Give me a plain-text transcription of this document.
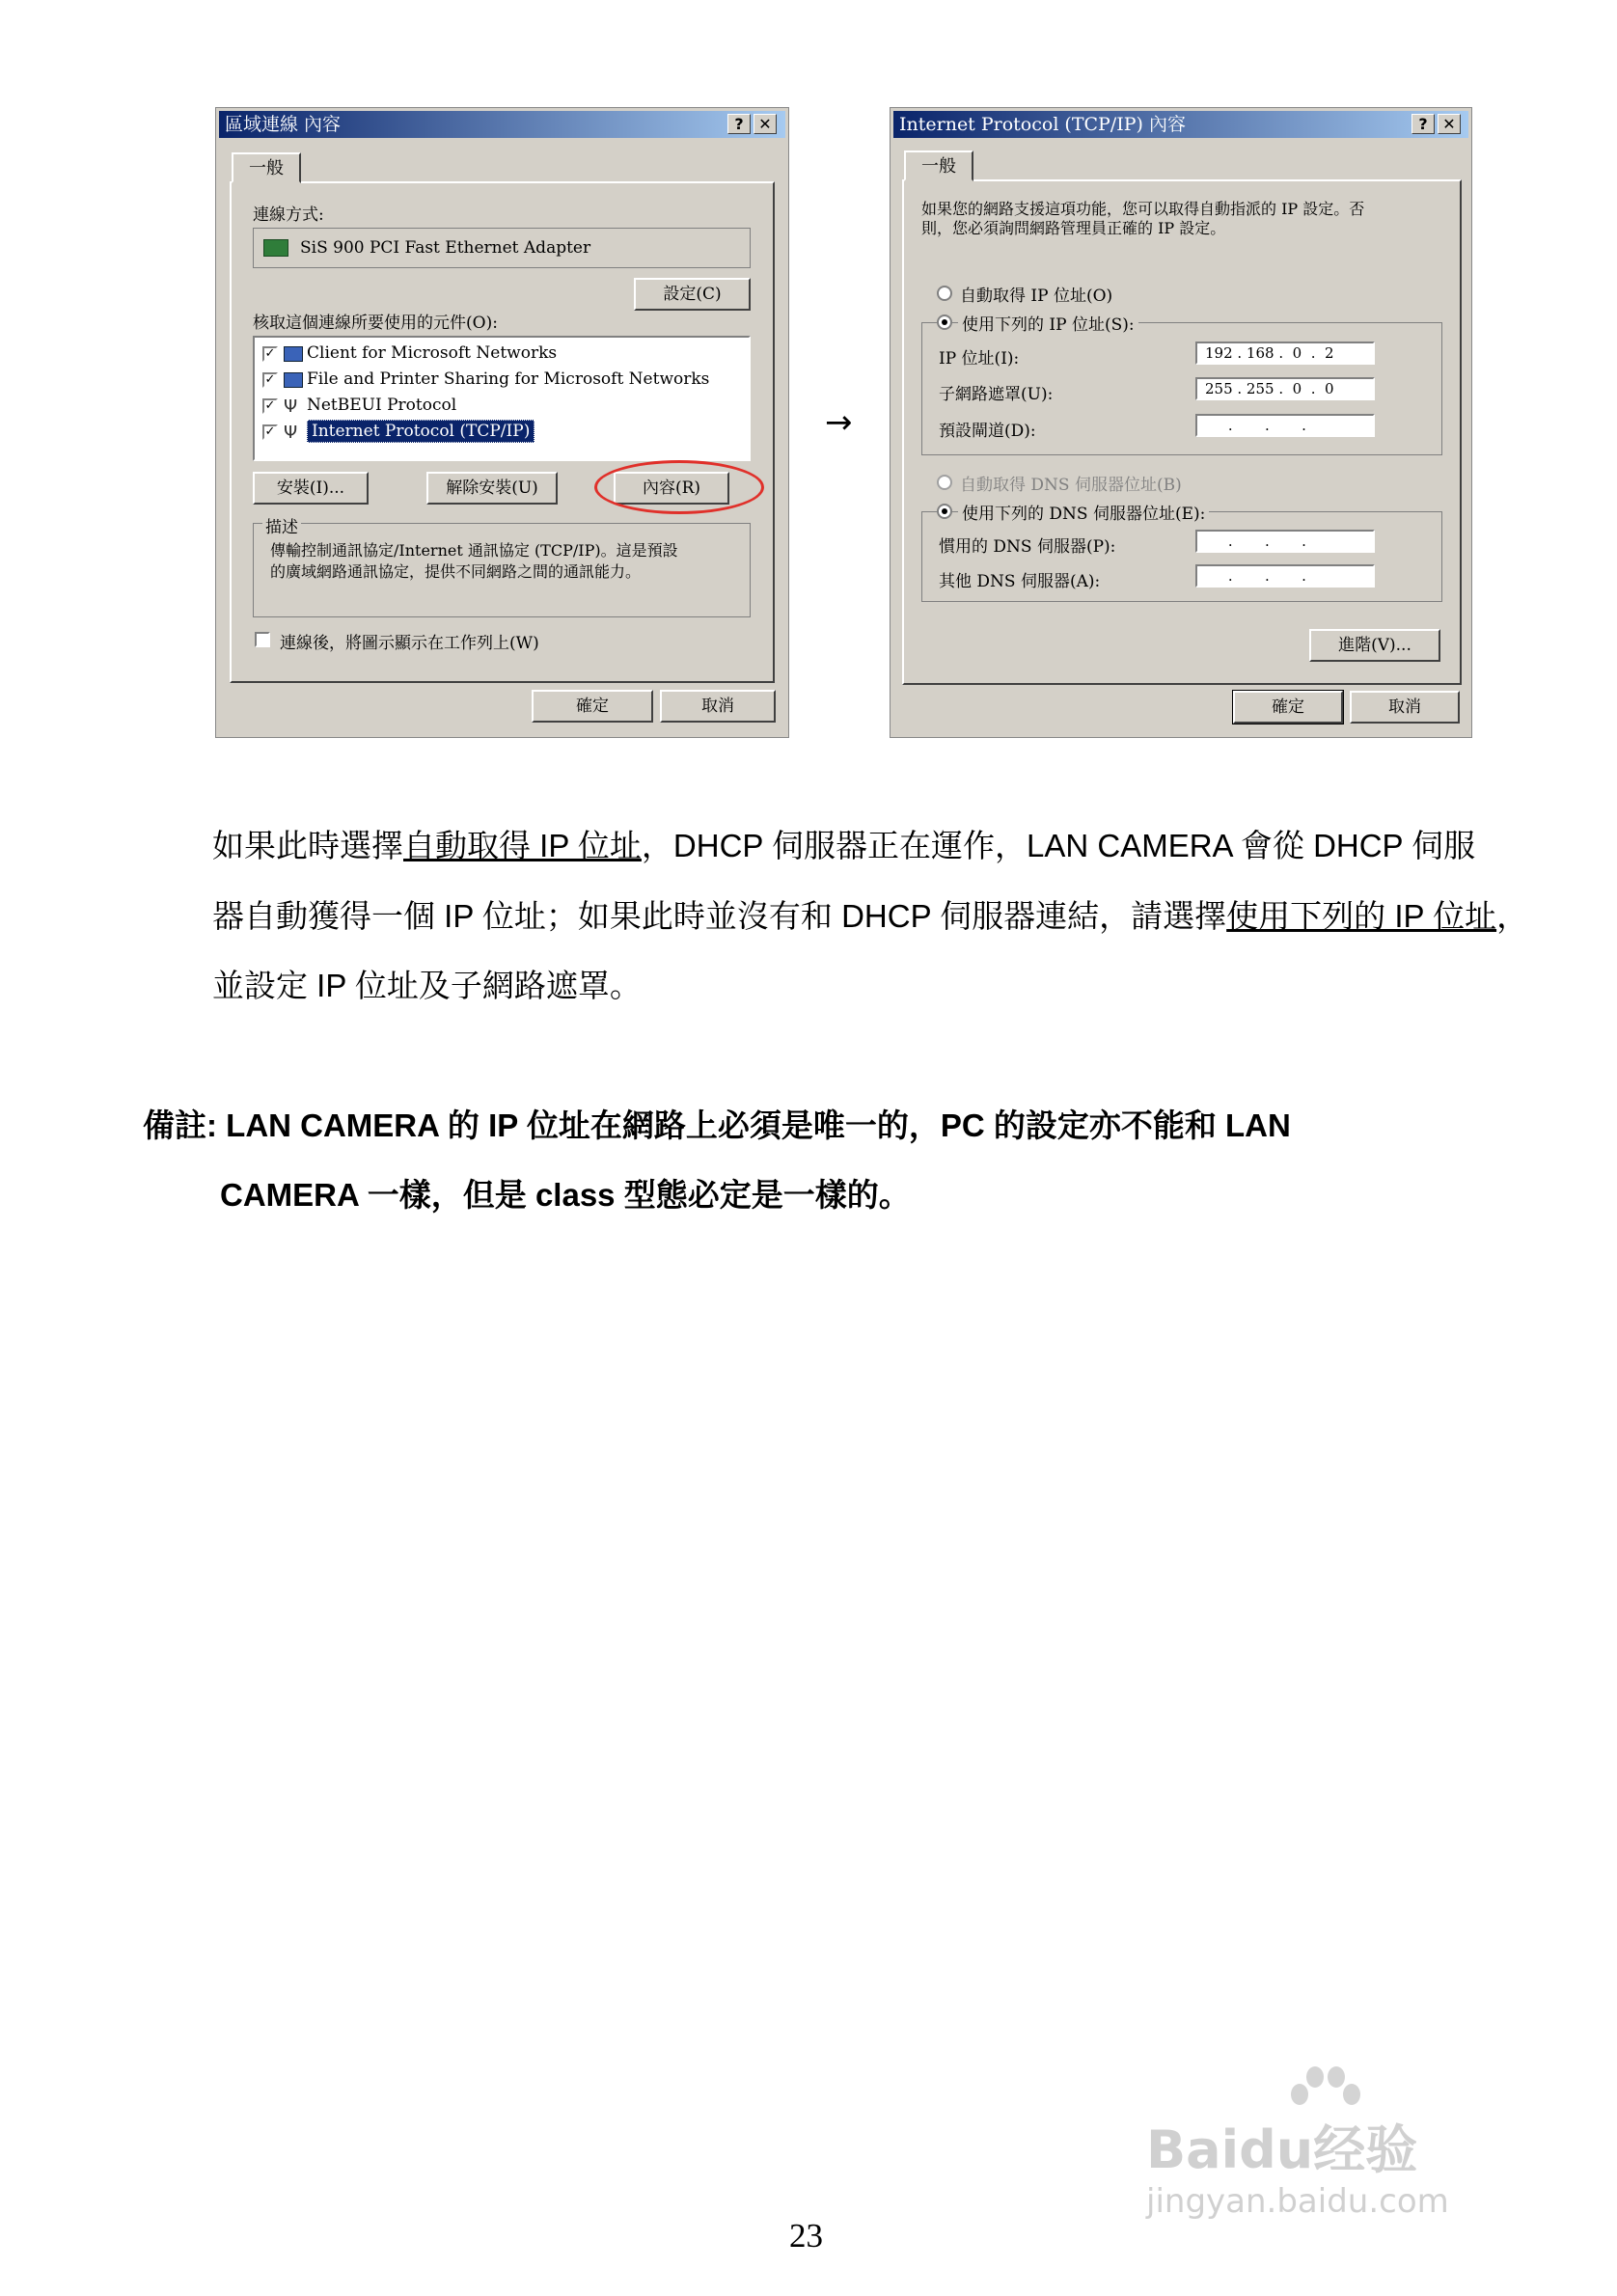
區域連線 內容	? ✕
一般
連線方式:
SiS 900 PCI Fast Ethernet Adapter
設定(C)
核取這個連線所要使用的元件(O):
✓ Client for Microsoft Networks
✓ File and Printer Sharing for Microsoft Networks
✓ Ψ NetBEUI Protocol
✓ Ψ Internet Protocol (TCP/IP)
安裝(I)...	解除安裝(U)	內容(R)
描述
傳輸控制通訊協定/Internet 通訊協定 (TCP/IP)。這是預設
的廣域網路通訊協定，提供不同網路之間的通訊能力。
連線後，將圖示顯示在工作列上(W)
確定	取消
→
Internet Protocol (TCP/IP) 內容	? ✕
一般
如果您的網路支援這項功能，您可以取得自動指派的 IP 設定。否
則，您必須詢問網路管理員正確的 IP 設定。
自動取得 IP 位址(O)
使用下列的 IP 位址(S):
IP 位址(I):	192 . 168 .  0  .  2
子網路遮罩(U):	255 . 255 .  0  .  0
預設閘道(D):	.       .       .
自動取得 DNS 伺服器位址(B)
使用下列的 DNS 伺服器位址(E):
慣用的 DNS 伺服器(P):	.       .       .
其他 DNS 伺服器(A):	.       .       .
進階(V)...
確定	取消
如果此時選擇自動取得 IP 位址，DHCP 伺服器正在運作，LAN CAMERA 會從 DHCP 伺服
器自動獲得一個 IP 位址；如果此時並沒有和 DHCP 伺服器連結，請選擇使用下列的 IP 位址，
並設定 IP 位址及子網路遮罩。
備註: LAN CAMERA 的 IP 位址在網路上必須是唯一的，PC 的設定亦不能和 LAN
CAMERA 一樣，但是 class 型態必定是一樣的。
23
Baidu经验
jingyan.baidu.com
